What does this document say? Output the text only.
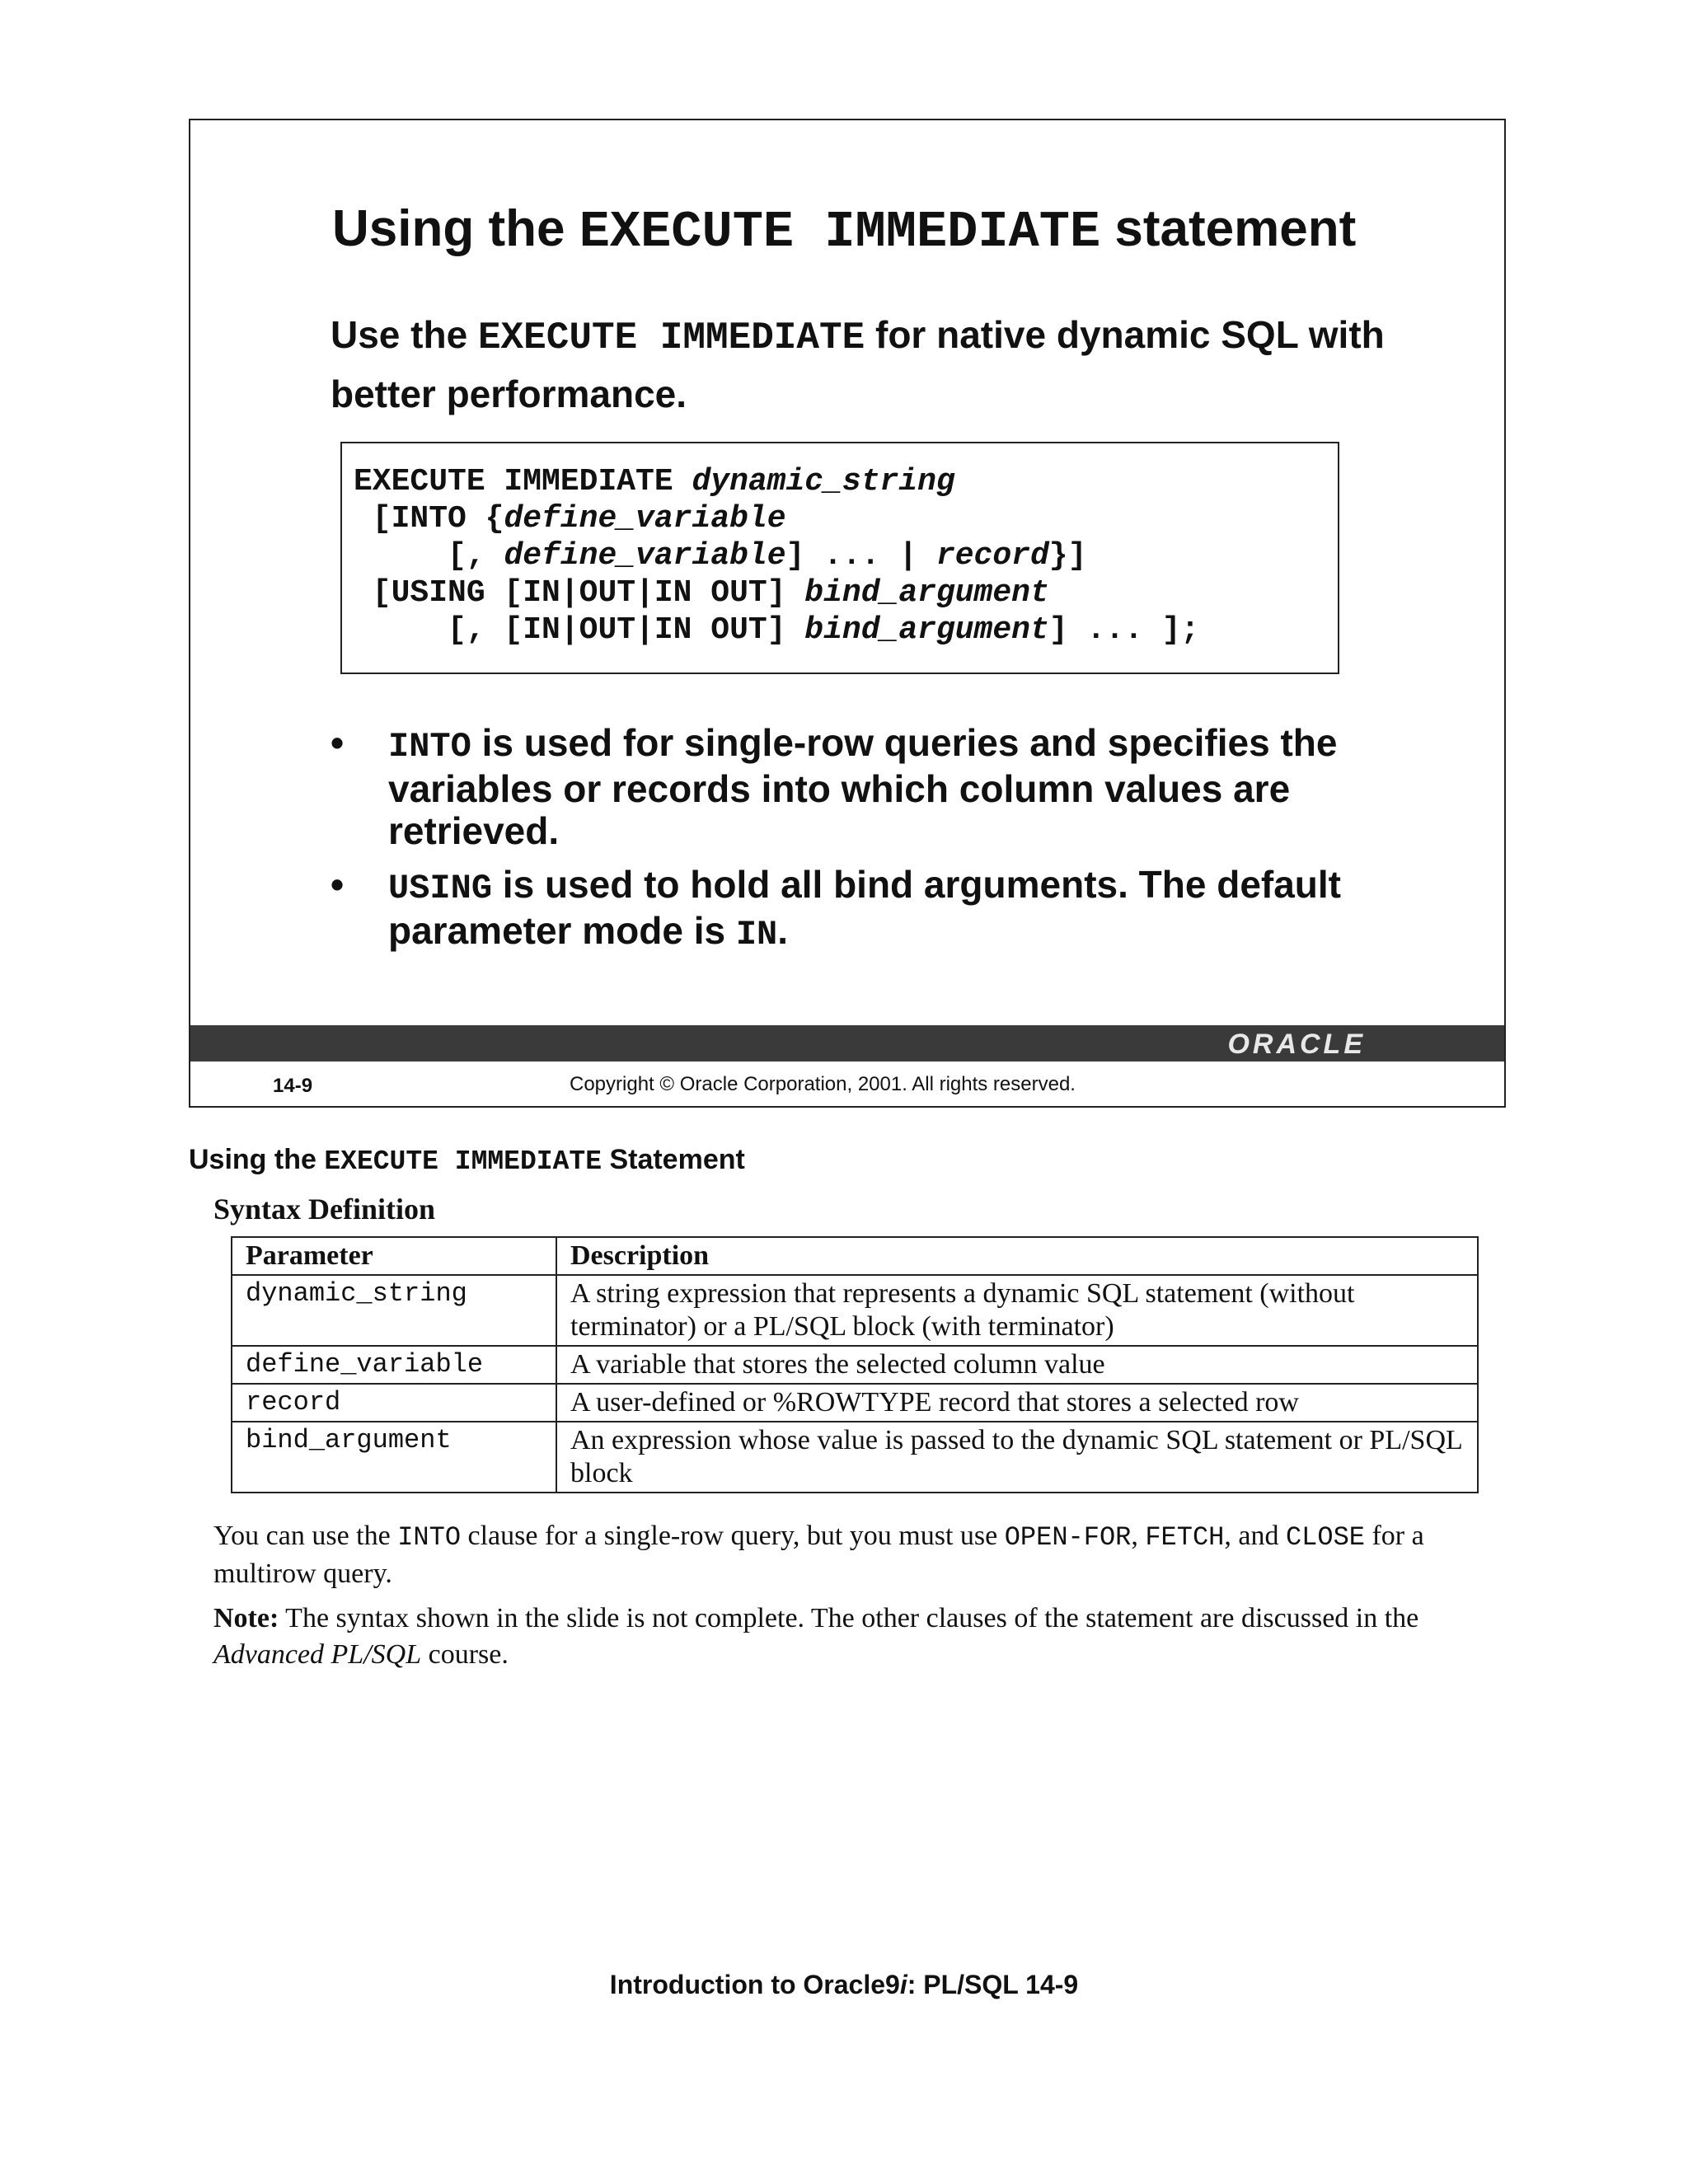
Using the EXECUTE IMMEDIATE statement
Use the EXECUTE IMMEDIATE for native dynamic SQL with better performance.
EXECUTE IMMEDIATE dynamic_string
[INTO {define_variable
[, define_variable] ... | record}]
[USING [IN|OUT|IN OUT] bind_argument
[, [IN|OUT|IN OUT] bind_argument] ... ];
• INTO is used for single-row queries and specifies the variables or records into which column values are retrieved.
• USING is used to hold all bind arguments. The default parameter mode is IN.
ORACLE
14-9	Copyright © Oracle Corporation, 2001. All rights reserved.
Using the EXECUTE IMMEDIATE Statement
Syntax Definition
Parameter	Description
dynamic_string	A string expression that represents a dynamic SQL statement (without terminator) or a PL/SQL block (with terminator)
define_variable	A variable that stores the selected column value
record	A user-defined or %ROWTYPE record that stores a selected row
bind_argument	An expression whose value is passed to the dynamic SQL statement or PL/SQL block
You can use the INTO clause for a single-row query, but you must use OPEN-FOR, FETCH, and CLOSE for a multirow query.
Note: The syntax shown in the slide is not complete. The other clauses of the statement are discussed in the Advanced PL/SQL course.
Introduction to Oracle9i: PL/SQL 14-9
